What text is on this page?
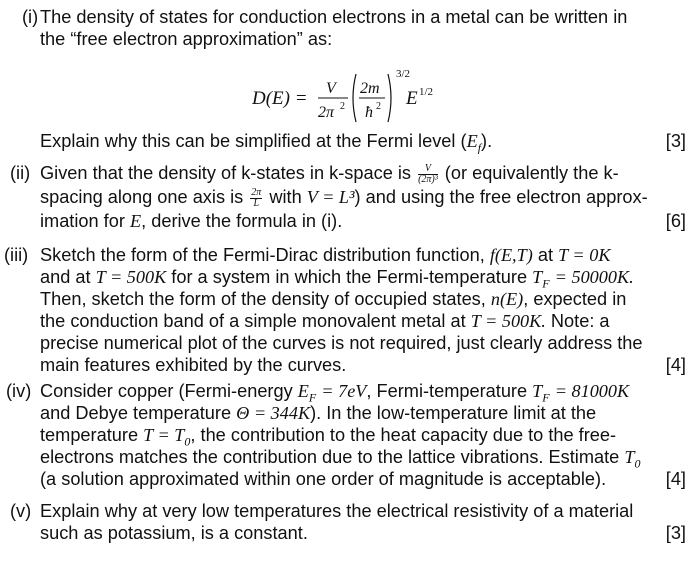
(i) The density of states for conduction electrons in a metal can be written in
the “free electron approximation” as:
D(E) = V
2π 2
2m
ħ 2
3/2
E 1/2
Explain why this can be simplified at the Fermi level $(E_f)$.	[3]
(ii) Given that the density of k-states in k-space is $\frac{V}{\text{(2π)³}} (or$ equivalently the k-
spacing along one axis is $\frac{2\pi}{L}$ with V = L³) and using the free electron approx-
imation for E, derive the formula in (i).	[6]
(iii) Sketch the form of the Fermi-Dirac distribution function, f(E,T) at T = 0K
and at T = 500K for a system in which the Fermi-temperature $T_F = 50000K$.
Then, sketch the form of the density of occupied states, n(E), expected in
the conduction band of a simple monovalent metal at T = 500K. Note: a
precise numerical plot of the curves is not required, just clearly address the
main features exhibited by the curves.	[4]
(iv) Consider copper (Fermi-energy $E_F = 7eV$, Fermi-temperature $T_F = 81000K$
and Debye temperature Θ = 344K). In the low-temperature limit at the
temperature $T = T_0$, the contribution to the heat capacity due to the free-
electrons matches the contribution due to the lattice vibrations. Estimate $T_0$
(a solution approximated within one order of magnitude is acceptable).	[4]
(v) Explain why at very low temperatures the electrical resistivity of a material
such as potassium, is a constant.	[3]
